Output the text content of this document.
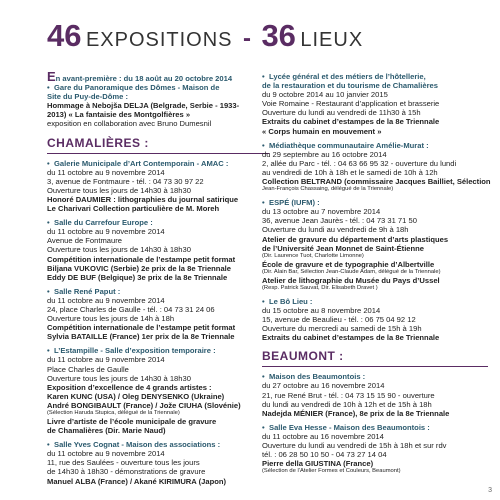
46 EXPOSITIONS - 36 LIEUX
En avant-première : du 18 août au 20 octobre 2014
• Gare du Panoramique des Dômes - Maison de
Site du Puy-de-Dôme :
Hommage à Nebojša DELJA (Belgrade, Serbie - 1933-
2013) « La fantaisie des Montgolfières »
exposition en collaboration avec Bruno Dumesnil
CHAMALIÈRES :
• Galerie Municipale d’Art Contemporain - AMAC :
du 11 octobre au 9 novembre 2014
3, avenue de Fontmaure - tél. : 04 73 30 97 22
Ouverture tous les jours de 14h30 à 18h30
Honoré DAUMIER : lithographies du journal satirique
Le Charivari Collection particulière de M. Moreh
• Salle du Carrefour Europe :
du 11 octobre au 9 novembre 2014
Avenue de Fontmaure
Ouverture tous les jours de 14h30 à 18h30
Compétition internationale de l’estampe petit format
Biljana VUKOVIC (Serbie) 2e prix de la 8e Triennale
Eddy DE BUF (Belgique) 3e prix de la 8e Triennale
• Salle René Paput :
du 11 octobre au 9 novembre 2014
24, place Charles de Gaulle - tél. : 04 73 31 24 06
Ouverture tous les jours de 14h à 18h
Compétition internationale de l’estampe petit format
Sylvia BATAILLE (France) 1er prix de la 8e Triennale
• L’Estampille - Salle d’exposition temporaire :
du 11 octobre au 9 novembre 2014
Place Charles de Gaulle
Ouverture tous les jours de 14h30 à 18h30
Exposition d’excellence de 4 grands artistes :
Karen KUNC (USA) / Oleg DENYSENKO (Ukraine)
André BONGIBAULT (France) / Jože CIUHA (Slovénie)
(Sélection Haruda Stupica, délégué de la Triennale)
Livre d’artiste de l’école municipale de gravure
de Chamalières (Dir. Marie Naud)
• Salle Yves Cognat - Maison des associations :
du 11 octobre au 9 novembre 2014
11, rue des Saulées - ouverture tous les jours
de 14h30 à 18h30 - démonstrations de gravure
Manuel ALBA (France) / Akané KIRIMURA (Japon)
• Lycée général et des métiers de l’hôtellerie,
de la restauration et du tourisme de Chamalières
du 9 octobre 2014 au 10 janvier 2015
Voie Romaine - Restaurant d’application et brasserie
Ouverture du lundi au vendredi de 11h30 à 15h
Extraits du cabinet d’estampes de la 8e Triennale
« Corps humain en mouvement »
• Médiathèque communautaire Amélie-Murat :
du 29 septembre au 16 octobre 2014
2, allée du Parc - tél. : 04 63 66 95 32 - ouverture du lundi
au vendredi de 10h à 18h et le samedi de 10h à 12h
Collection BELTRAND (commissaire Jacques Bailliet, Sélection
Jean-François Chassaing, délégué de la Triennale)
• ESPÉ (IUFM) :
du 13 octobre au 7 novembre 2014
36, avenue Jean Jaurès - tél. : 04 73 31 71 50
Ouverture du lundi au vendredi de 9h à 18h
Atelier de gravure du département d’arts plastiques
de l’Université Jean Monnet de Saint-Étienne
(Dir. Laurence Tuot, Charlotte Limonne)
École de gravure et de typographie d’Albertville
(Dir. Alain Bar, Sélection Jean-Claude Adam, délégué de la Triennale)
Atelier de lithographie du Musée du Pays d’Ussel
(Resp. Patrick Sauvat, Dir. Elisabeth Dravet )
• Le Bô Lieu :
du 15 octobre au 8 novembre 2014
15, avenue de Beaulieu - tél. : 06 75 04 92 12
Ouverture du mercredi au samedi de 15h à 19h
Extraits du cabinet d’estampes de la 8e Triennale
BEAUMONT :
• Maison des Beaumontois :
du 27 octobre au 16 novembre 2014
21, rue René Brut - tél. : 04 73 15 15 90 - ouverture
du lundi au vendredi de 10h à 12h et de 15h à 18h
Nadejda MÉNIER (France), 8e prix de la 8e Triennale
• Salle Eva Hesse - Maison des Beaumontois :
du 11 octobre au 16 novembre 2014
Ouverture du lundi au vendredi de 15h à 18h et sur rdv
tél. : 06 28 50 10 50 - 04 73 27 14 04
Pierre della GIUSTINA (France)
(Sélection de l’Atelier Formes et Couleurs, Beaumont)
3
